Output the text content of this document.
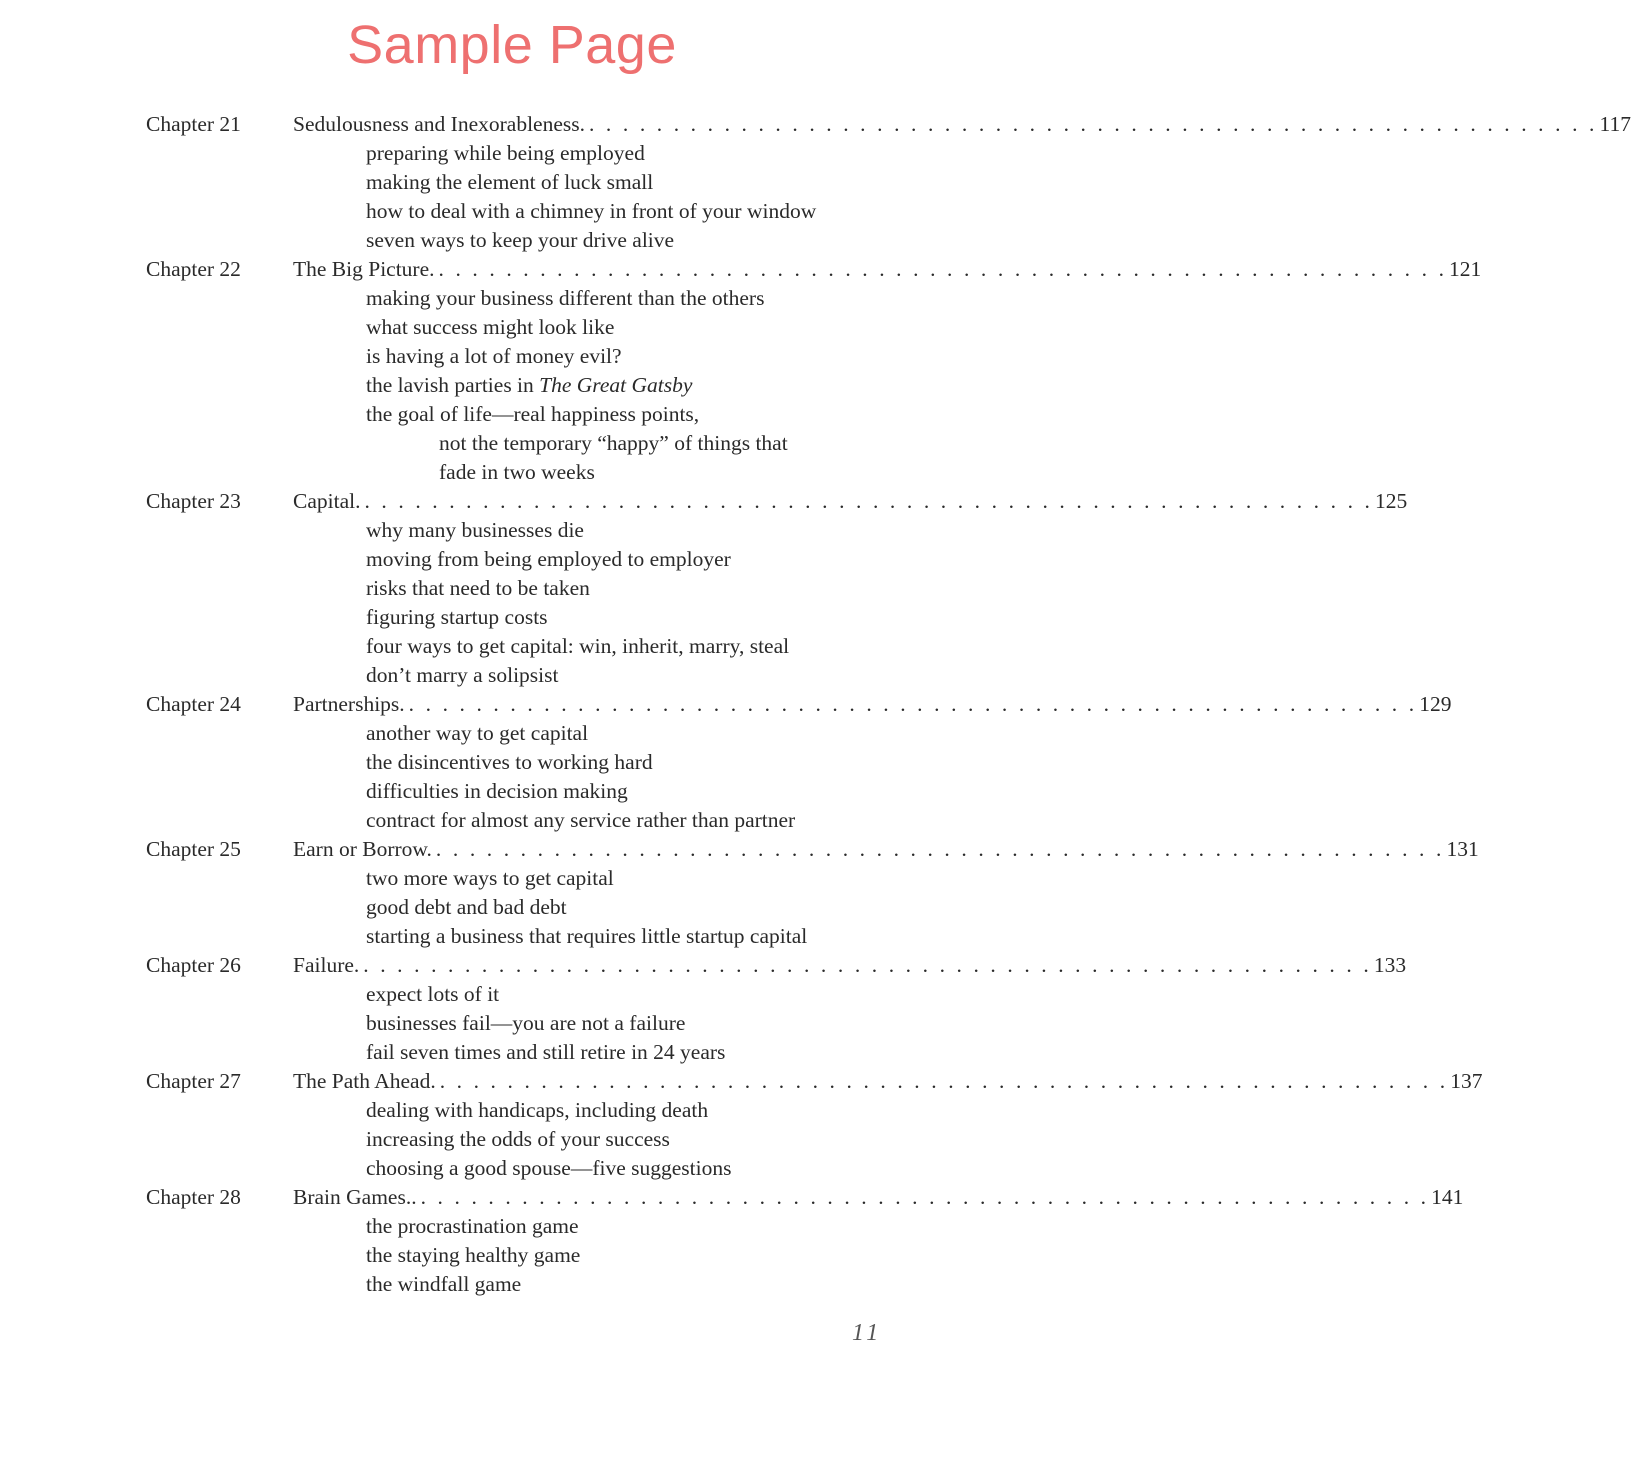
Sample Page
Chapter 21	Sedulousness and Inexorableness. . . . . . . . . . . . . . . . . . . . . . . . . . . . . . . . . . . . . . . . . . . . . . . . . . . . . . . . . . . . . 117
preparing while being employed
making the element of luck small
how to deal with a chimney in front of your window
seven ways to keep your drive alive
Chapter 22	The Big Picture. . . . . . . . . . . . . . . . . . . . . . . . . . . . . . . . . . . . . . . . . . . . . . . . . . . . . . . . . . . . . 121
making your business different than the others
what success might look like
is having a lot of money evil?
the lavish parties in The Great Gatsby
the goal of life—real happiness points,
not the temporary “happy” of things that
fade in two weeks
Chapter 23	Capital. . . . . . . . . . . . . . . . . . . . . . . . . . . . . . . . . . . . . . . . . . . . . . . . . . . . . . . . . . . . . 125
why many businesses die
moving from being employed to employer
risks that need to be taken
figuring startup costs
four ways to get capital: win, inherit, marry, steal
don’t marry a solipsist
Chapter 24	Partnerships. . . . . . . . . . . . . . . . . . . . . . . . . . . . . . . . . . . . . . . . . . . . . . . . . . . . . . . . . . . . . 129
another way to get capital
the disincentives to working hard
difficulties in decision making
contract for almost any service rather than partner
Chapter 25	Earn or Borrow. . . . . . . . . . . . . . . . . . . . . . . . . . . . . . . . . . . . . . . . . . . . . . . . . . . . . . . . . . . . . 131
two more ways to get capital
good debt and bad debt
starting a business that requires little startup capital
Chapter 26	Failure. . . . . . . . . . . . . . . . . . . . . . . . . . . . . . . . . . . . . . . . . . . . . . . . . . . . . . . . . . . . . 133
expect lots of it
businesses fail—you are not a failure
fail seven times and still retire in 24 years
Chapter 27	The Path Ahead. . . . . . . . . . . . . . . . . . . . . . . . . . . . . . . . . . . . . . . . . . . . . . . . . . . . . . . . . . . . . 137
dealing with handicaps, including death
increasing the odds of your success
choosing a good spouse—five suggestions
Chapter 28	Brain Games.. . . . . . . . . . . . . . . . . . . . . . . . . . . . . . . . . . . . . . . . . . . . . . . . . . . . . . . . . . . . . 141
the procrastination game
the staying healthy game
the windfall game
11
